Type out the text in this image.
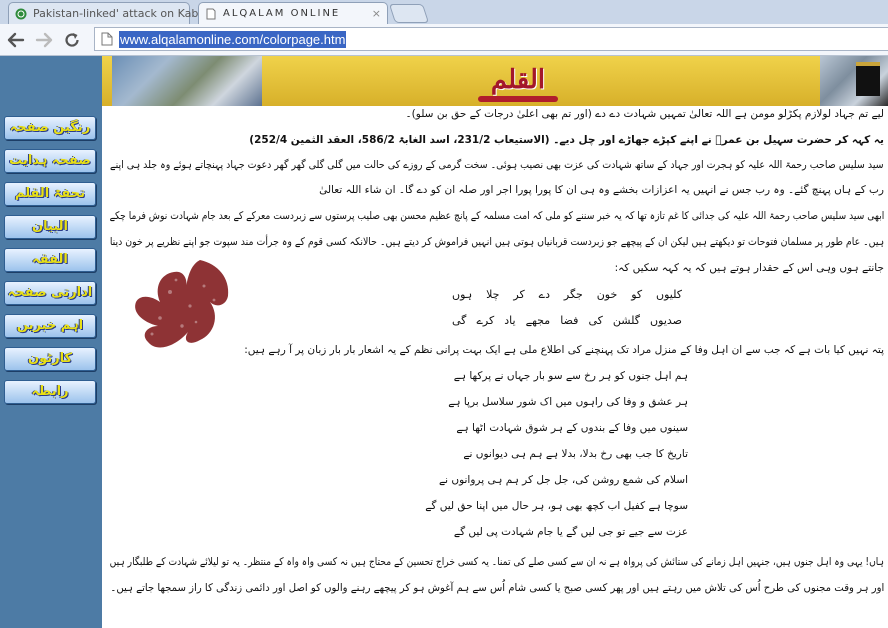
Pakistan-linked' attack on Kab ALQALAM ONLINE	×
www.alqalamonline.com/colorpage.htm
القلم
رنگین صفحہ
صفحہ ہدایت
تحفۃ القلم
البیان
الفقہ
ادارتی صفحہ
اہم خبریں
کارٹون
رابطہ
لیے تم جہاد لولازم پکڑلو مومن ہے اللہ تعالیٰ تمہیں شہادت دے دے (اور تم بھی اعلیٰ درجات کے حق بن سلو)۔
یہ کہہ کر حضرت سہیل بن عمرؓ نے اپنے کپڑے جھاڑے اور چل دیے۔ (الاستیعاب 231/2، اسد الغابۃ 586/2، العقد الثمین 252/4)
سید سلیس صاحب رحمۃ اللہ علیہ کو ہجرت اور جہاد کے ساتھ شہادت کی عزت بھی نصیب ہوئی۔ سخت گرمی کے روزے کی حالت میں گلی گلی گھر گھر دعوت جہاد پہنچاتے ہوئے وہ جلد ہی اپنے
رب کے ہاں پہنچ گئے۔ وہ رب جس نے انہیں یہ اعزازات بخشے وہ ہی ان کا پورا پورا اجر اور صلہ ان کو دے گا۔ ان شاء اللہ تعالیٰ
ابھی سید سلیس صاحب رحمۃ اللہ علیہ کی جدائی کا غم تازہ تھا کہ یہ خبر سننے کو ملی کہ امت مسلمہ کے پانچ عظیم محسن بھی صلیب پرستوں سے زبردست معرکے کے بعد جام شہادت نوش فرما چکے
ہیں۔ عام طور پر مسلمان فتوحات تو دیکھتے ہیں لیکن ان کے پیچھے جو زبردست قربانیاں ہوتی ہیں انہیں فراموش کر دیتے ہیں۔ حالانکہ کسی قوم کے وہ جرأت مند سپوت جو اپنے نظریے پر خون دینا
جانتے ہوں وہی اس کے حقدار ہوتے ہیں کہ یہ کہہ سکیں کہ:
کلیوں کو خون جگر دے کر چلا ہوں
صدیوں گلشن کی فضا مجھے یاد کرے گی
پتہ نہیں کیا بات ہے کہ جب سے ان اہل وفا کے منزل مراد تک پہنچنے کی اطلاع ملی ہے ایک بہت پرانی نظم کے یہ اشعار بار بار زبان پر آ رہے ہیں:
ہم اہل جنوں کو ہر رخ سے سو بار جہاں نے پرکھا ہے
ہر عشق و وفا کی راہوں میں اک شور سلاسل برپا ہے
سینوں میں وفا کے بندوں کے ہر شوق شہادت اٹھا ہے
تاریخ کا جب بھی رخ بدلا، بدلا ہے ہم ہی دیوانوں نے
اسلام کی شمع روشن کی، جل جل کر ہم ہی پروانوں نے
سوچا ہے کفیل اب کچھ بھی ہو، ہر حال میں اپنا حق لیں گے
عزت سے جیے تو جی لیں گے یا جام شہادت پی لیں گے
ہاں! یہی وہ اہل جنوں ہیں، جنہیں اہل زمانے کی ستائش کی پرواہ ہے نہ ان سے کسی صلے کی تمنا۔ یہ کسی خراج تحسین کے محتاج ہیں نہ کسی واہ واہ کے منتظر۔ یہ تو لیلائے شہادت کے طلبگار ہیں
اور ہر وقت مجنوں کی طرح اُس کی تلاش میں رہتے ہیں اور پھر کسی صبح یا کسی شام اُس سے ہم آغوش ہو کر پیچھے رہنے والوں کو اصل اور دائمی زندگی کا راز سمجھا جاتے ہیں۔
